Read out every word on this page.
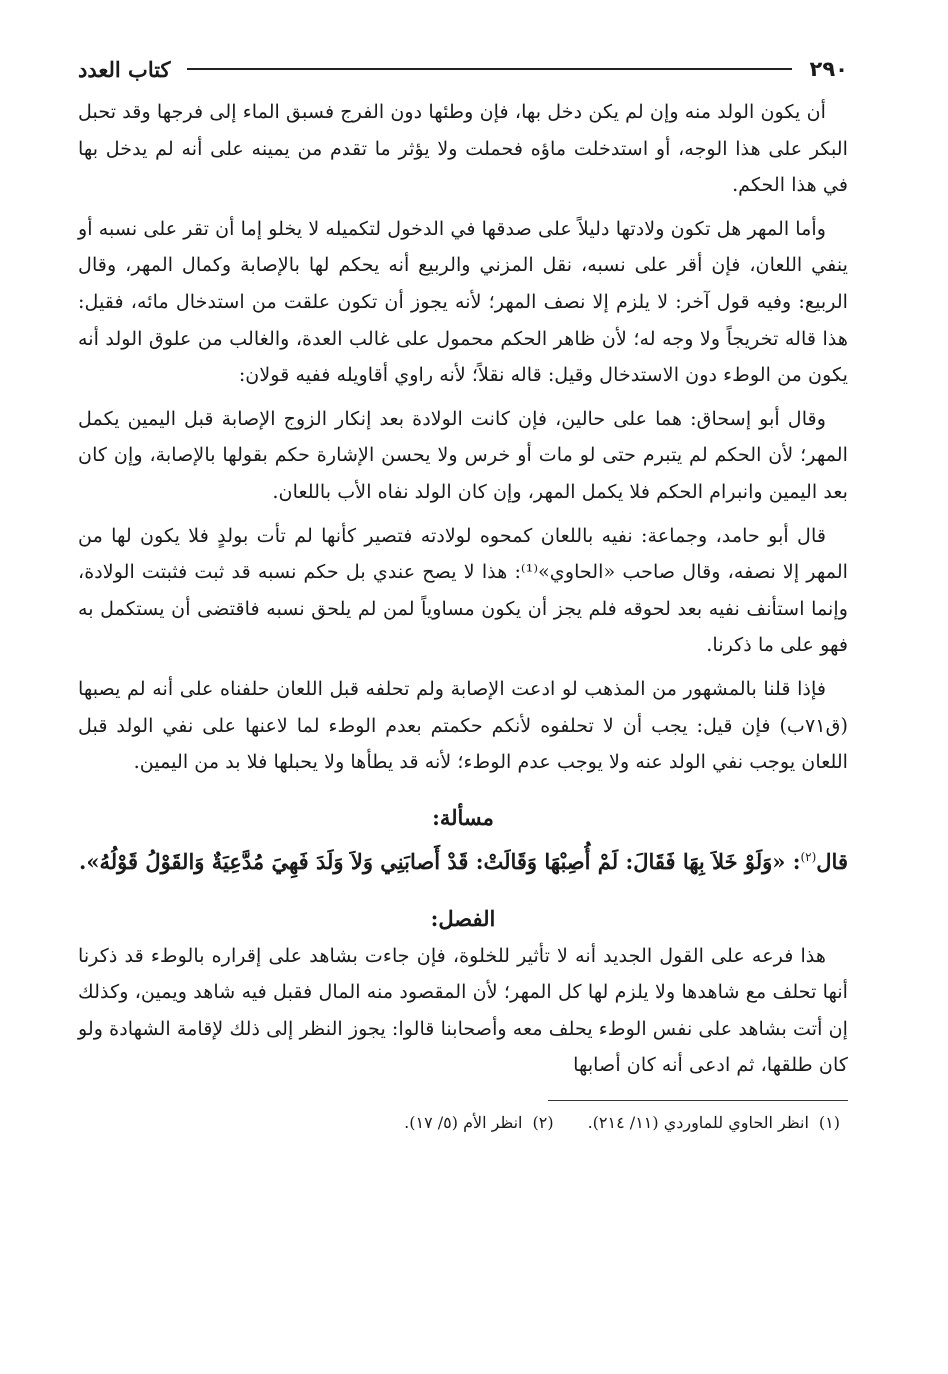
٢٩٠
كتاب العدد

أن يكون الولد منه وإن لم يكن دخل بها، فإن وطئها دون الفرج فسبق الماء إلى فرجها وقد تحبل البكر على هذا الوجه، أو استدخلت ماؤه فحملت ولا يؤثر ما تقدم من يمينه على أنه لم يدخل بها في هذا الحكم.

وأما المهر هل تكون ولادتها دليلاً على صدقها في الدخول لتكميله لا يخلو إما أن تقر على نسبه أو ينفي اللعان، فإن أقر على نسبه، نقل المزني والربيع أنه يحكم لها بالإصابة وكمال المهر، وقال الربيع: وفيه قول آخر: لا يلزم إلا نصف المهر؛ لأنه يجوز أن تكون علقت من استدخال مائه، فقيل: هذا قاله تخريجاً ولا وجه له؛ لأن ظاهر الحكم محمول على غالب العدة، والغالب من علوق الولد أنه يكون من الوطء دون الاستدخال وقيل: قاله نقلاً؛ لأنه راوي أقاويله ففيه قولان:

وقال أبو إسحاق: هما على حالين، فإن كانت الولادة بعد إنكار الزوج الإصابة قبل اليمين يكمل المهر؛ لأن الحكم لم يتبرم حتى لو مات أو خرس ولا يحسن الإشارة حكم بقولها بالإصابة، وإن كان بعد اليمين وانبرام الحكم فلا يكمل المهر، وإن كان الولد نفاه الأب باللعان.

قال أبو حامد، وجماعة: نفيه باللعان كمحوه لولادته فتصير كأنها لم تأت بولدٍ فلا يكون لها من المهر إلا نصفه، وقال صاحب «الحاوي»⁽¹⁾: هذا لا يصح عندي بل حكم نسبه قد ثبت فثبتت الولادة، وإنما استأنف نفيه بعد لحوقه فلم يجز أن يكون مساوياً لمن لم يلحق نسبه فاقتضى أن يستكمل به فهو على ما ذكرنا.

فإذا قلنا بالمشهور من المذهب لو ادعت الإصابة ولم تحلفه قبل اللعان حلفناه على أنه لم يصبها (ق٧١ب) فإن قيل: يجب أن لا تحلفوه لأنكم حكمتم بعدم الوطء لما لاعنها على نفي الولد قبل اللعان يوجب نفي الولد عنه ولا يوجب عدم الوطء؛ لأنه قد يطأها ولا يحبلها فلا بد من اليمين.

مسألة:

قال$^{(٢)}$: «وَلَوْ خَلاَ بِهَا فَقَالَ: لَمْ أُصِبْهَا وَقَالَتْ: قَدْ أَصابَنِي وَلاَ وَلَدَ فَهِيَ مُدَّعِيَةٌ وَالقَوْلُ قَوْلُهُ».

الفصل:

هذا فرعه على القول الجديد أنه لا تأثير للخلوة، فإن جاءت بشاهد على إقراره بالوطء قد ذكرنا أنها تحلف مع شاهدها ولا يلزم لها كل المهر؛ لأن المقصود منه المال فقبل فيه شاهد ويمين، وكذلك إن أتت بشاهد على نفس الوطء يحلف معه وأصحابنا قالوا: يجوز النظر إلى ذلك لإقامة الشهادة ولو كان طلقها، ثم ادعى أنه كان أصابها

(١)
انظر الحاوي للماوردي (١١/ ٢١٤).
(٢)
انظر الأم (٥/ ١٧).
